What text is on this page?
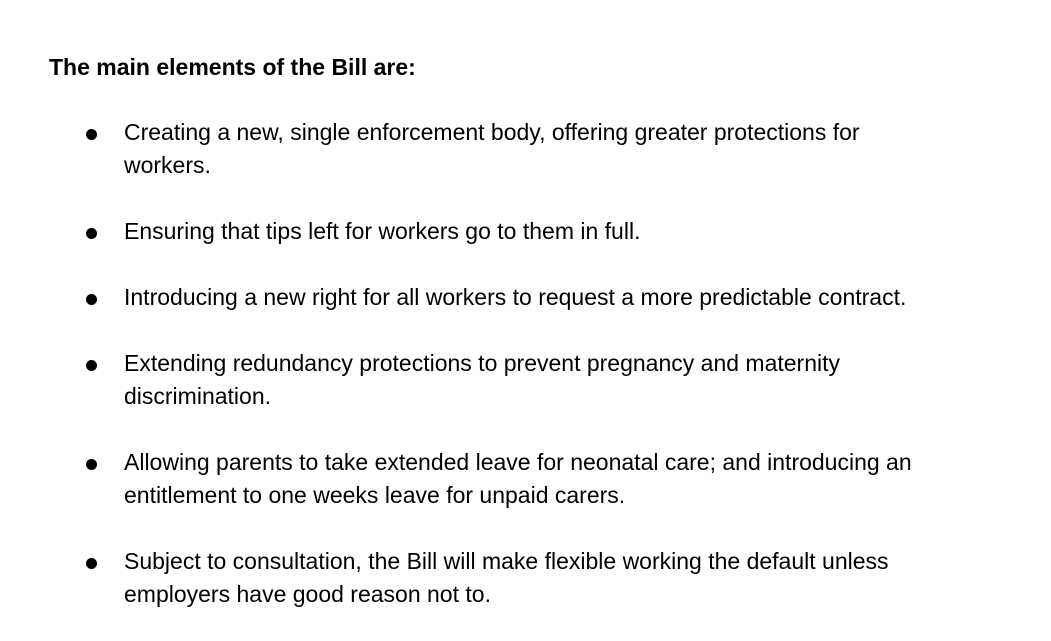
The main elements of the Bill are:
Creating a new, single enforcement body, offering greater protections for
workers.
Ensuring that tips left for workers go to them in full.
Introducing a new right for all workers to request a more predictable contract.
Extending redundancy protections to prevent pregnancy and maternity
discrimination.
Allowing parents to take extended leave for neonatal care; and introducing an
entitlement to one weeks leave for unpaid carers.
Subject to consultation, the Bill will make flexible working the default unless
employers have good reason not to.
